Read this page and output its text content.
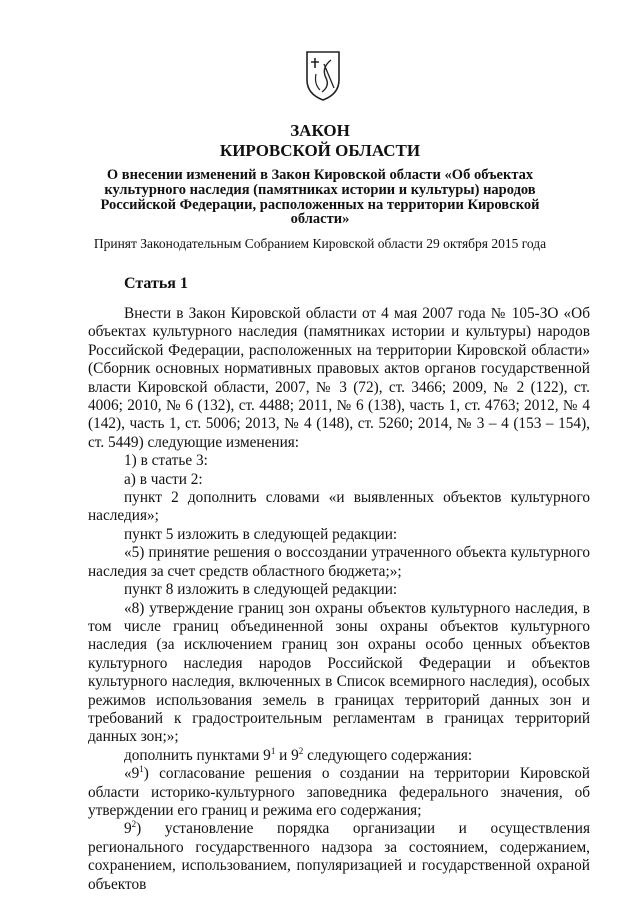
ЗАКОН
КИРОВСКОЙ ОБЛАСТИ
О внесении изменений в Закон Кировской области «Об объектах культурного наследия (памятниках истории и культуры) народов Российской Федерации, расположенных на территории Кировской области»
Принят Законодательным Собранием Кировской области 29 октября 2015 года
Статья 1

Внести в Закон Кировской области от 4 мая 2007 года № 105-ЗО «Об объектах культурного наследия (памятниках истории и культуры) народов Российской Федерации, расположенных на территории Кировской области» (Сборник основных нормативных правовых актов органов государственной власти Кировской области, 2007, № 3 (72), ст. 3466; 2009, № 2 (122), ст. 4006; 2010, № 6 (132), ст. 4488; 2011, № 6 (138), часть 1, ст. 4763; 2012, № 4 (142), часть 1, ст. 5006; 2013, № 4 (148), ст. 5260; 2014, № 3 – 4 (153 – 154), ст. 5449) следующие изменения:

1) в статье 3:

а) в части 2:

пункт 2 дополнить словами «и выявленных объектов культурного наследия»;

пункт 5 изложить в следующей редакции:

«5) принятие решения о воссоздании утраченного объекта культурного наследия за счет средств областного бюджета;»;

пункт 8 изложить в следующей редакции:

«8) утверждение границ зон охраны объектов культурного наследия, в том числе границ объединенной зоны охраны объектов культурного наследия (за исключением границ зон охраны особо ценных объектов культурного наследия народов Российской Федерации и объектов культурного наследия, включенных в Список всемирного наследия), особых режимов использования земель в границах территорий данных зон и требований к градостроительным регламентам в границах территорий данных зон;»;

дополнить пунктами $9^1$ и $9^2$ следующего содержания:

«$9^1$) согласование решения о создании на территории Кировской области историко-культурного заповедника федерального значения, об утверждении его границ и режима его содержания;

$9^2$) установление порядка организации и осуществления регионального государственного надзора за состоянием, содержанием, сохранением, использованием, популяризацией и государственной охраной объектов
